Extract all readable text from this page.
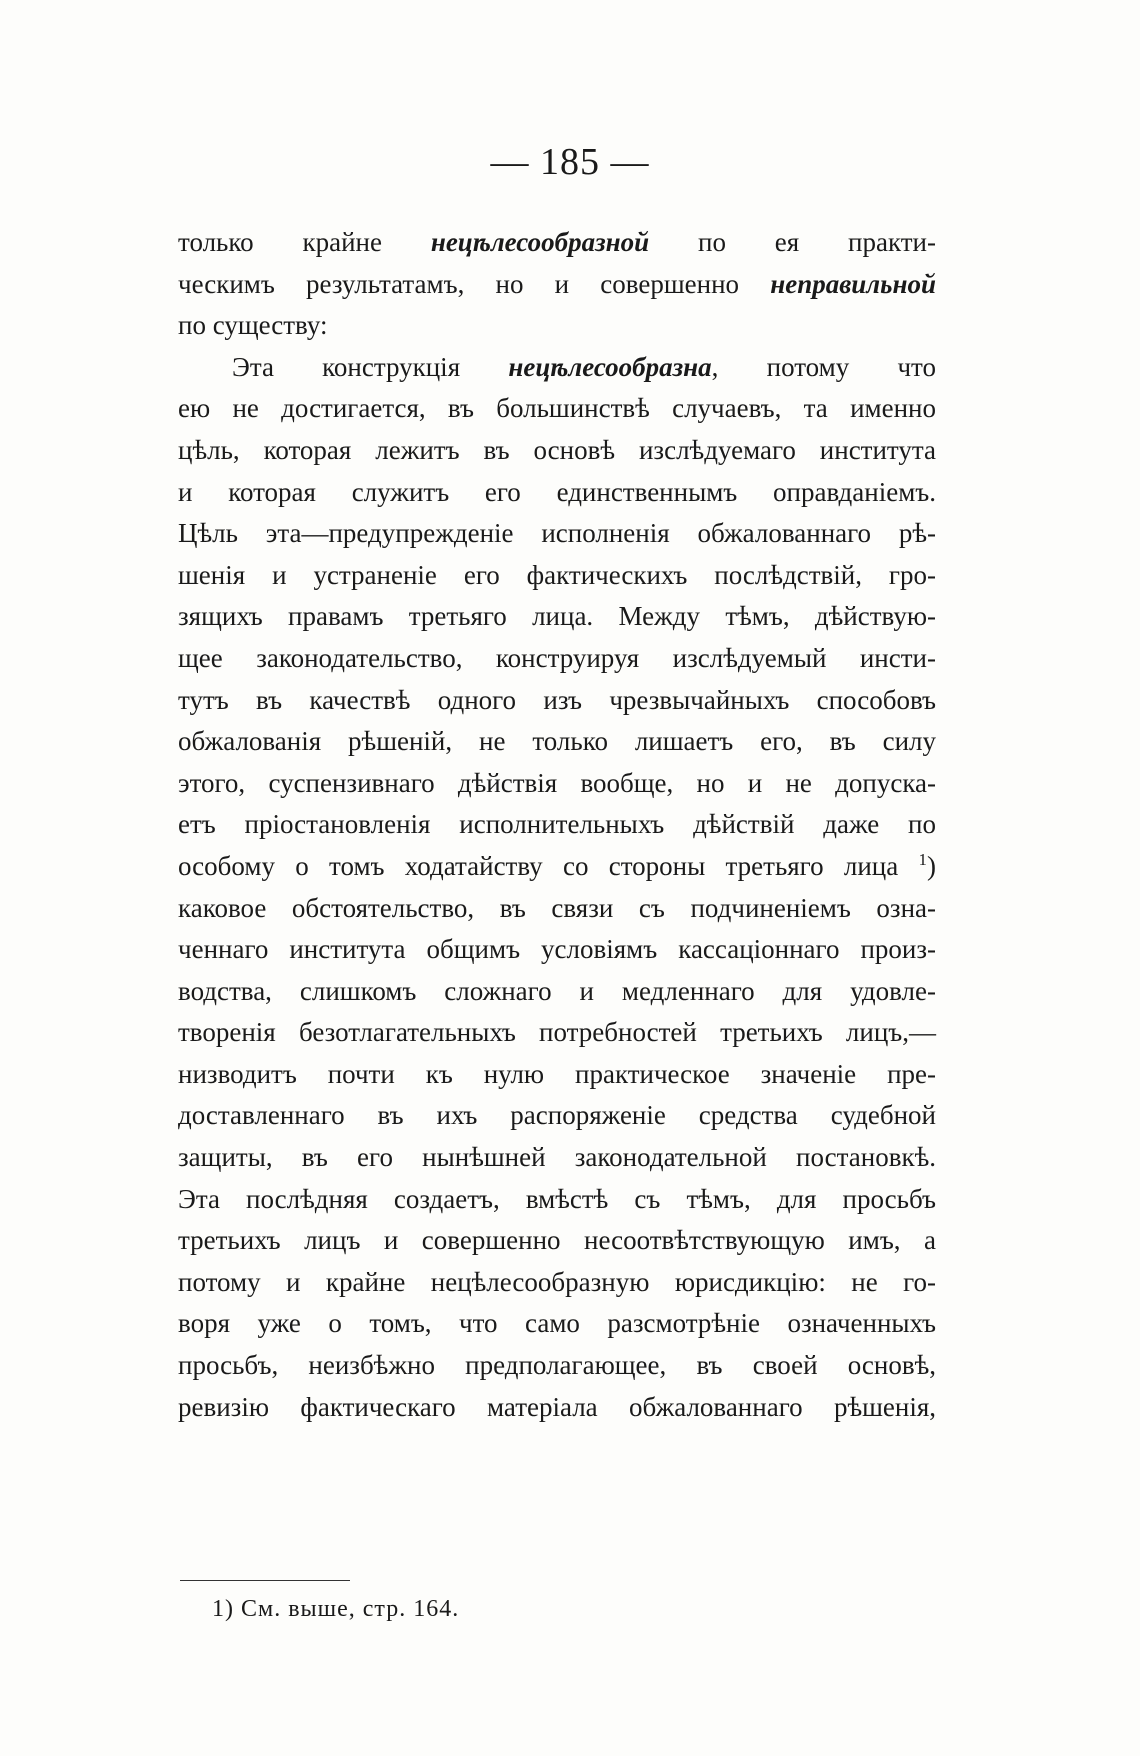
— 185 —
только крайне нецѣлесообразной по ея практи-
ческимъ результатамъ, но и совершенно неправильной
по существу:
Эта конструкція нецѣлесообразна, потому что
ею не достигается, въ большинствѣ случаевъ, та именно
цѣль, которая лежитъ въ основѣ изслѣдуемаго института
и которая служитъ его единственнымъ оправданіемъ.
Цѣль эта—предупрежденіе исполненія обжалованнаго рѣ-
шенія и устраненіе его фактическихъ послѣдствій, гро-
зящихъ правамъ третьяго лица. Между тѣмъ, дѣйствую-
щее законодательство, конструируя изслѣдуемый инсти-
тутъ въ качествѣ одного изъ чрезвычайныхъ способовъ
обжалованія рѣшеній, не только лишаетъ его, въ силу
этого, суспензивнаго дѣйствія вообще, но и не допуска-
етъ пріостановленія исполнительныхъ дѣйствій даже по
особому о томъ ходатайству со стороны третьяго лица $^1$)
каковое обстоятельство, въ связи съ подчиненіемъ озна-
ченнаго института общимъ условіямъ кассаціоннаго произ-
водства, слишкомъ сложнаго и медленнаго для удовле-
творенія безотлагательныхъ потребностей третьихъ лицъ,—
низводитъ почти къ нулю практическое значеніе пре-
доставленнаго въ ихъ распоряженіе средства судебной
защиты, въ его нынѣшней законодательной постановкѣ.
Эта послѣдняя создаетъ, вмѣстѣ съ тѣмъ, для просьбъ
третьихъ лицъ и совершенно несоотвѣтствующую имъ, а
потому и крайне нецѣлесообразную юрисдикцію: не го-
воря уже о томъ, что само разсмотрѣніе означенныхъ
просьбъ, неизбѣжно предполагающее, въ своей основѣ,
ревизію фактическаго матеріала обжалованнаго рѣшенія,
1) См. выше, стр. 164.
